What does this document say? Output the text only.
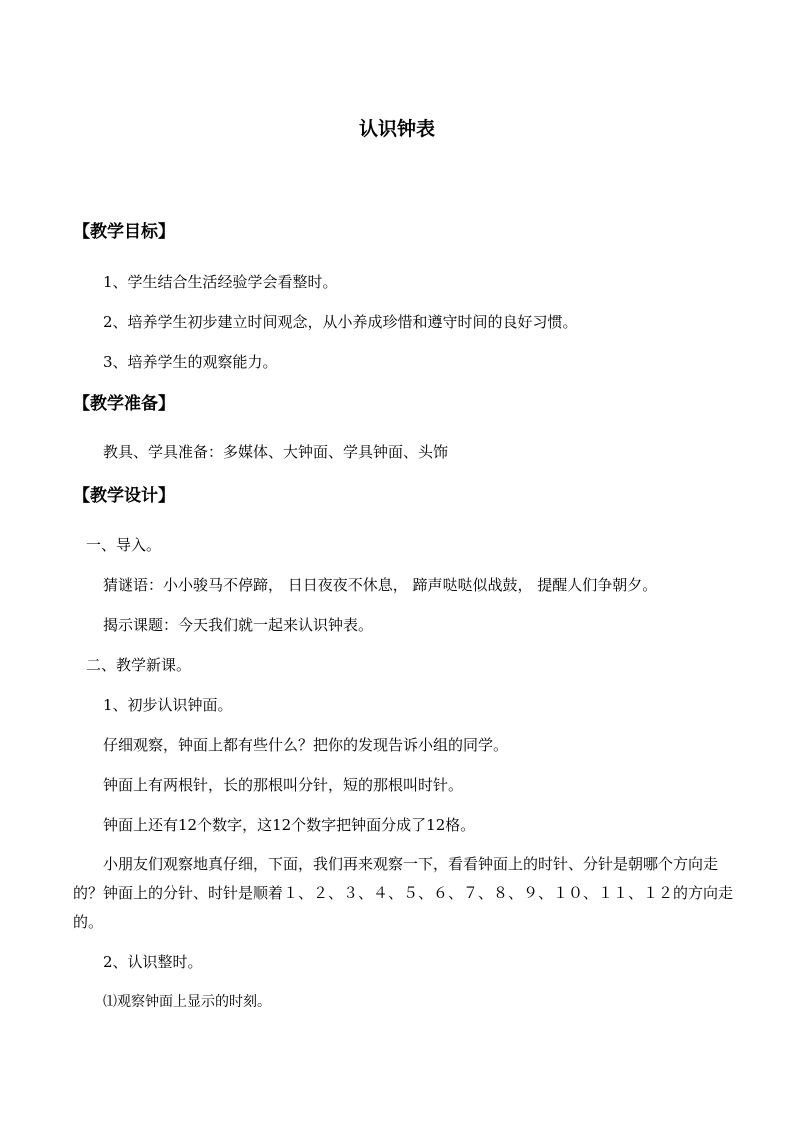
认识钟表
【教学目标】
1、学生结合生活经验学会看整时。
2、培养学生初步建立时间观念，从小养成珍惜和遵守时间的良好习惯。
3、培养学生的观察能力。
【教学准备】
教具、学具准备：多媒体、大钟面、学具钟面、头饰
【教学设计】
一、导入。
猜谜语：小小骏马不停蹄， 日日夜夜不休息， 蹄声哒哒似战鼓， 提醒人们争朝夕。
揭示课题：今天我们就一起来认识钟表。
二、教学新课。
1、初步认识钟面。
仔细观察，钟面上都有些什么？把你的发现告诉小组的同学。
钟面上有两根针，长的那根叫分针，短的那根叫时针。
钟面上还有12个数字，这12个数字把钟面分成了12格。
小朋友们观察地真仔细，下面，我们再来观察一下，看看钟面上的时针、分针是朝哪个方向走的？钟面上的分针、时针是顺着１、２、３、４、５、６、７、８、９、１０、１１、１２的方向走的。
2、认识整时。
⑴观察钟面上显示的时刻。
